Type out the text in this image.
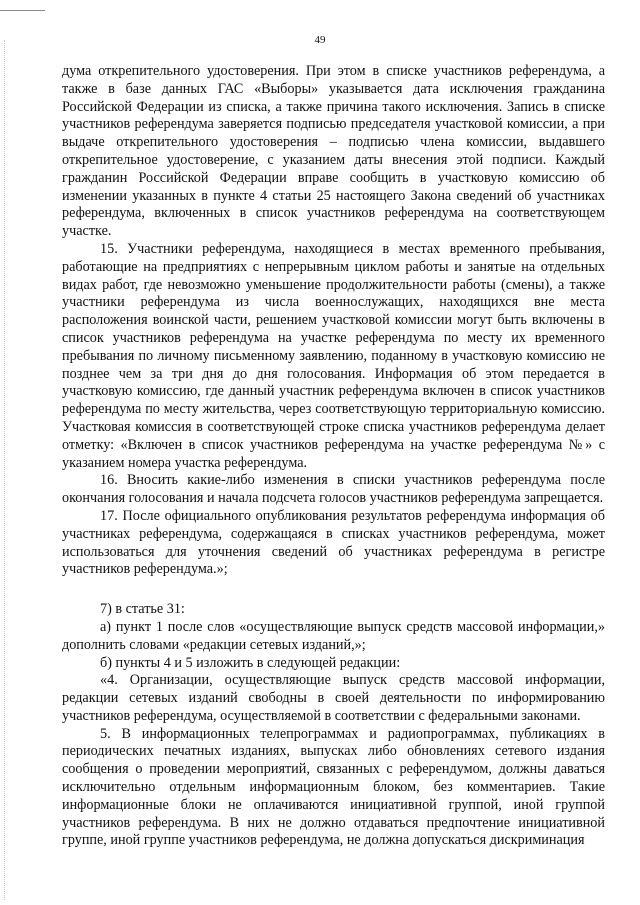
49

дума открепительного удостоверения. При этом в списке участников референдума, а также в базе данных ГАС «Выборы» указывается дата исключения гражданина Российской Федерации из списка, а также причина такого исключения. Запись в списке участников референдума заверяется подписью председателя участковой комиссии, а при выдаче открепительного удостоверения – подписью члена комиссии, выдавшего открепительное удостоверение, с указанием даты внесения этой подписи. Каждый гражданин Российской Федерации вправе сообщить в участковую комиссию об изменении указанных в пункте 4 статьи 25 настоящего Закона сведений об участниках референдума, включенных в список участников референдума на соответствующем участке.

15. Участники референдума, находящиеся в местах временного пребывания, работающие на предприятиях с непрерывным циклом работы и занятые на отдельных видах работ, где невозможно уменьшение продолжительности работы (смены), а также участники референдума из числа военнослужащих, находящихся вне места расположения воинской части, решением участковой комиссии могут быть включены в список участников референдума на участке референдума по месту их временного пребывания по личному письменному заявлению, поданному в участковую комиссию не позднее чем за три дня до дня голосования. Информация об этом передается в участковую комиссию, где данный участник референдума включен в список участников референдума по месту жительства, через соответствующую территориальную комиссию. Участковая комиссия в соответствующей строке списка участников референдума делает отметку: «Включен в список участников референдума на участке референдума №» с указанием номера участка референдума.

16. Вносить какие-либо изменения в списки участников референдума после окончания голосования и начала подсчета голосов участников референдума запрещается.

17. После официального опубликования результатов референдума информация об участниках референдума, содержащаяся в списках участников референдума, может использоваться для уточнения сведений об участниках референдума в регистре участников референдума.»;

7) в статье 31:

а) пункт 1 после слов «осуществляющие выпуск средств массовой информации,» дополнить словами «редакции сетевых изданий,»;

б) пункты 4 и 5 изложить в следующей редакции:

«4. Организации, осуществляющие выпуск средств массовой информации, редакции сетевых изданий свободны в своей деятельности по информированию участников референдума, осуществляемой в соответствии с федеральными законами.

5. В информационных телепрограммах и радиопрограммах, публикациях в периодических печатных изданиях, выпусках либо обновлениях сетевого издания сообщения о проведении мероприятий, связанных с референдумом, должны даваться исключительно отдельным информационным блоком, без комментариев. Такие информационные блоки не оплачиваются инициативной группой, иной группой участников референдума. В них не должно отдаваться предпочтение инициативной группе, иной группе участников референдума, не должна допускаться дискриминация
